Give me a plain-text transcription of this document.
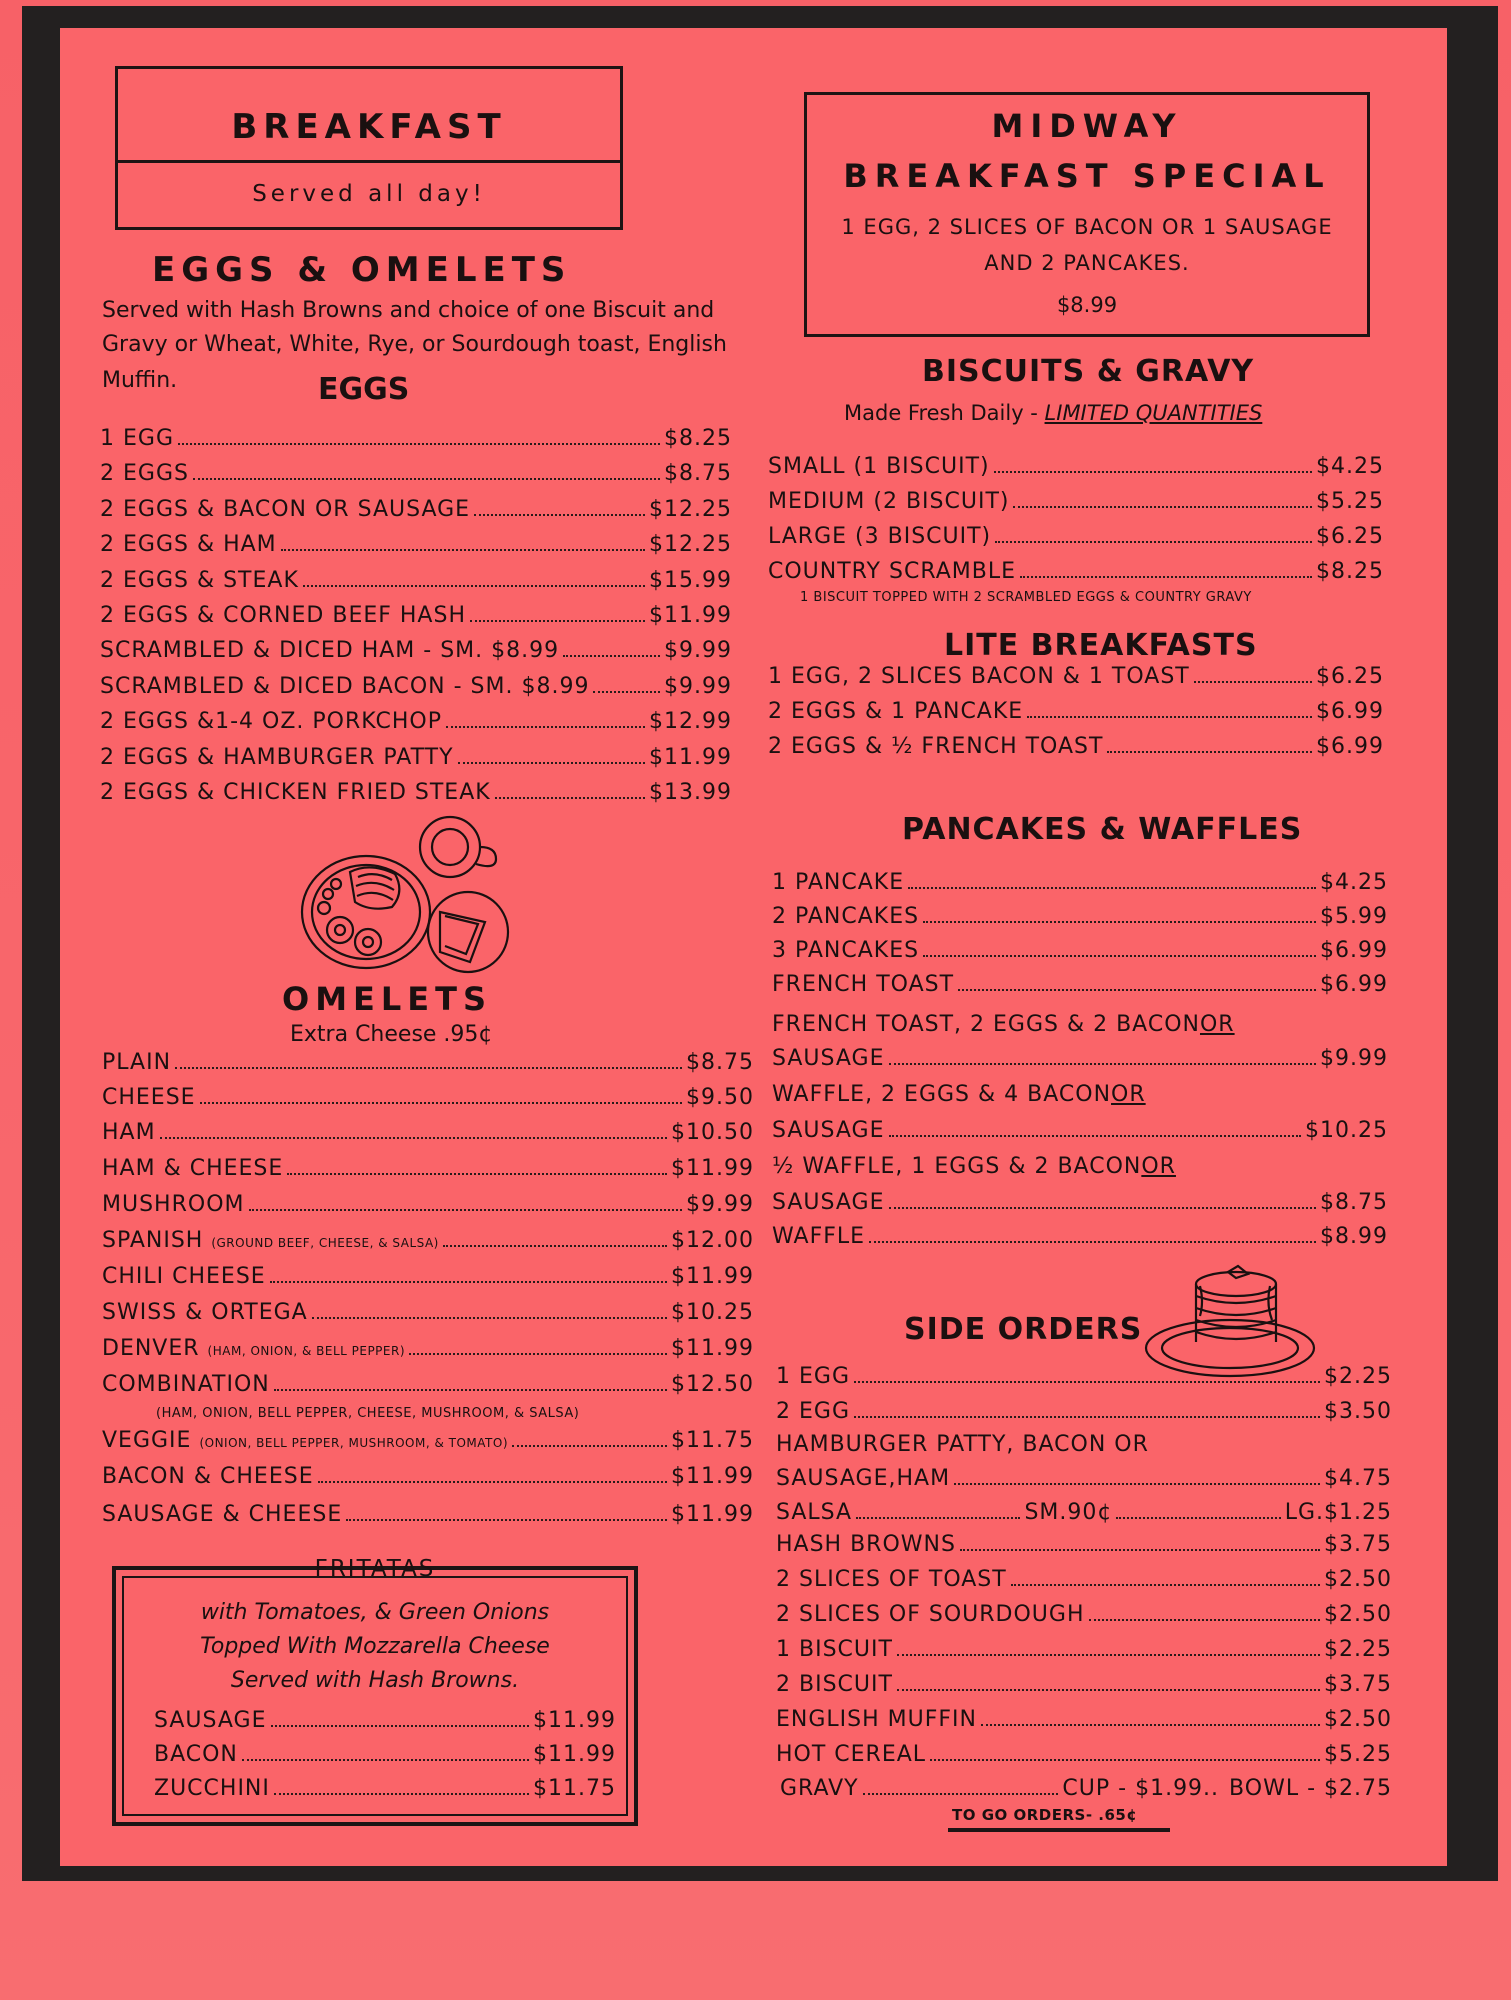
BREAKFAST
Served all day!
EGGS & OMELETS
Served with Hash Browns and choice of one Biscuit and
Gravy or Wheat, White, Rye, or Sourdough toast, English
Muffin.	EGGS
OMELETS
Extra Cheese .95¢
(HAM, ONION, BELL PEPPER, CHEESE, MUSHROOM, & SALSA)
FRITATAS
with Tomatoes, & Green Onions
Topped With Mozzarella Cheese
Served with Hash Browns.
MIDWAY
BREAKFAST SPECIAL
1 EGG, 2 SLICES OF BACON OR 1 SAUSAGE
AND 2 PANCAKES.
$8.99
BISCUITS & GRAVY
Made Fresh Daily - LIMITED QUANTITIES
1 BISCUIT TOPPED WITH 2 SCRAMBLED EGGS & COUNTRY GRAVY
LITE BREAKFASTS
PANCAKES & WAFFLES
FRENCH TOAST, 2 EGGS & 2 BACON OR
SAUSAGE	$9.99
WAFFLE, 2 EGGS & 4 BACON OR
SAUSAGE	$10.25
½ WAFFLE, 1 EGGS & 2 BACON OR
SAUSAGE	$8.75
WAFFLE	$8.99
SIDE ORDERS
HAMBURGER PATTY, BACON OR
SAUSAGE,HAM	$4.75
SALSA	SM.90¢	LG. $1.25
GRAVY	CUP - $1.99.. BOWL - $2.75
TO GO ORDERS- .65¢
1 EGG	$8.25
2 EGGS	$8.75
2 EGGS & BACON OR SAUSAGE	$12.25
2 EGGS & HAM	$12.25
2 EGGS & STEAK	$15.99
2 EGGS & CORNED BEEF HASH	$11.99
SCRAMBLED & DICED HAM - SM. $8.99	$9.99
SCRAMBLED & DICED BACON - SM. $8.99	$9.99
2 EGGS &1-4 OZ. PORKCHOP	$12.99
2 EGGS & HAMBURGER PATTY	$11.99
2 EGGS & CHICKEN FRIED STEAK	$13.99
PLAIN	$8.75
CHEESE	$9.50
HAM	$10.50
HAM & CHEESE	$11.99
MUSHROOM	$9.99
SPANISH (GROUND BEEF, CHEESE, & SALSA)	$12.00
CHILI CHEESE	$11.99
SWISS & ORTEGA	$10.25
DENVER (HAM, ONION, & BELL PEPPER)	$11.99
COMBINATION	$12.50
VEGGIE (ONION, BELL PEPPER, MUSHROOM, & TOMATO)	$11.75
BACON & CHEESE	$11.99
SAUSAGE & CHEESE	$11.99
SAUSAGE	$11.99
BACON	$11.99
ZUCCHINI	$11.75
SMALL (1 BISCUIT)	$4.25
MEDIUM (2 BISCUIT)	$5.25
LARGE (3 BISCUIT)	$6.25
COUNTRY SCRAMBLE	$8.25
1 EGG, 2 SLICES BACON & 1 TOAST	$6.25
2 EGGS & 1 PANCAKE	$6.99
2 EGGS & ½ FRENCH TOAST	$6.99
1 PANCAKE	$4.25
2 PANCAKES	$5.99
3 PANCAKES	$6.99
FRENCH TOAST	$6.99
1 EGG	$2.25
2 EGG	$3.50
HASH BROWNS	$3.75
2 SLICES OF TOAST	$2.50
2 SLICES OF SOURDOUGH	$2.50
1 BISCUIT	$2.25
2 BISCUIT	$3.75
ENGLISH MUFFIN	$2.50
HOT CEREAL	$5.25
